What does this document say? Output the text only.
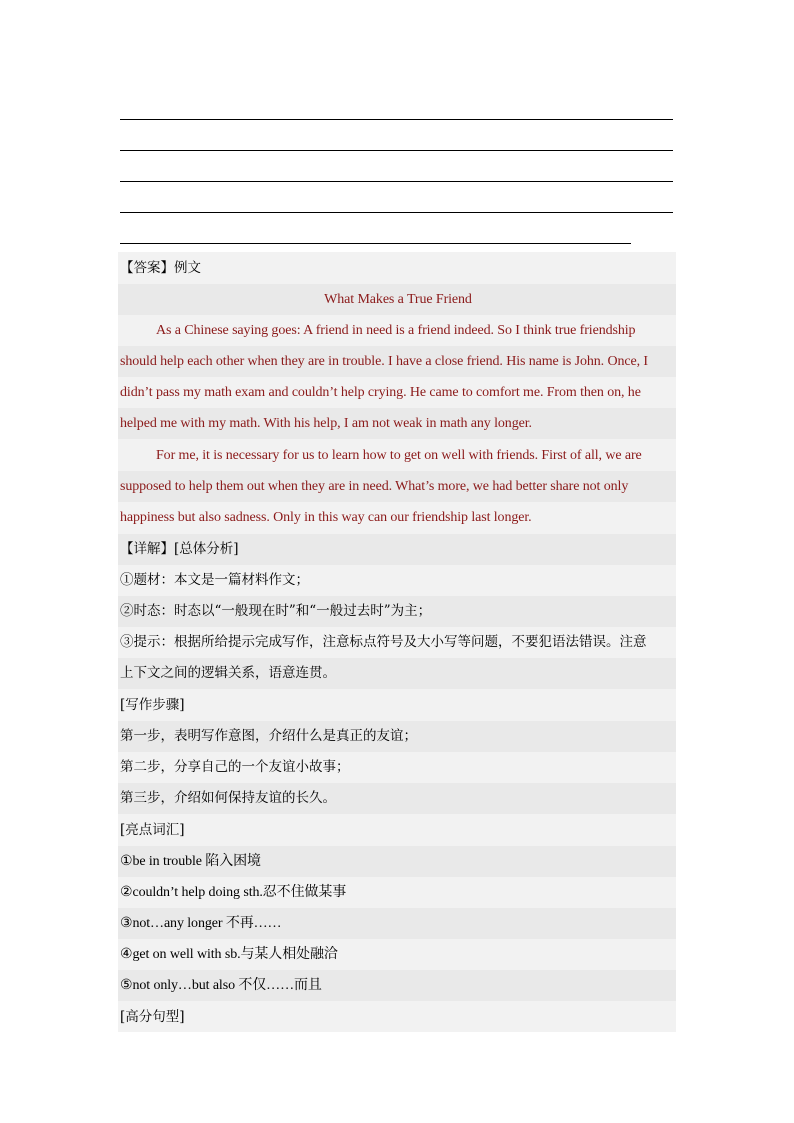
【答案】例文
What Makes a True Friend
As a Chinese saying goes: A friend in need is a friend indeed. So I think true friendship
should help each other when they are in trouble. I have a close friend. His name is John. Once, I
didn’t pass my math exam and couldn’t help crying. He came to comfort me. From then on, he
helped me with my math. With his help, I am not weak in math any longer.
For me, it is necessary for us to learn how to get on well with friends. First of all, we are
supposed to help them out when they are in need. What’s more, we had better share not only
happiness but also sadness. Only in this way can our friendship last longer.
【详解】[总体分析]
①题材：本文是一篇材料作文；
②时态：时态以“一般现在时”和“一般过去时”为主；
③提示：根据所给提示完成写作，注意标点符号及大小写等问题，不要犯语法错误。注意
上下文之间的逻辑关系，语意连贯。
[写作步骤]
第一步，表明写作意图，介绍什么是真正的友谊；
第二步，分享自己的一个友谊小故事；
第三步，介绍如何保持友谊的长久。
[亮点词汇]
①be in trouble 陷入困境
②couldn’t help doing sth.忍不住做某事
③not…any longer 不再……
④get on well with sb.与某人相处融洽
⑤not only…but also 不仅……而且
[高分句型]
